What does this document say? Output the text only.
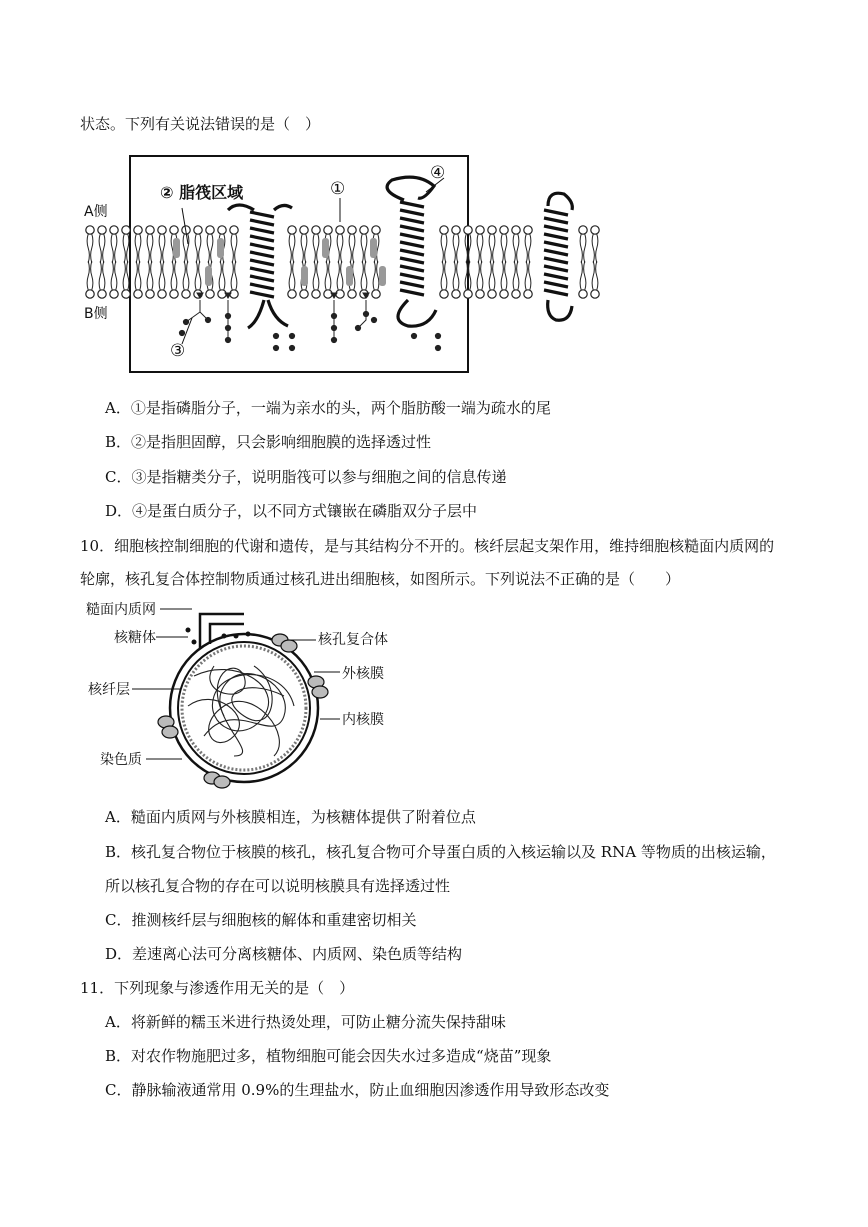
状态。下列有关说法错误的是（　）
A侧
B侧
② 脂筏区域	①
③
④
A．①是指磷脂分子，一端为亲水的头，两个脂肪酸一端为疏水的尾
B．②是指胆固醇，只会影响细胞膜的选择透过性
C．③是指糖类分子，说明脂筏可以参与细胞之间的信息传递
D．④是蛋白质分子，以不同方式镶嵌在磷脂双分子层中
10．细胞核控制细胞的代谢和遗传，是与其结构分不开的。核纤层起支架作用，维持细胞核糙面内质网的
轮廓，核孔复合体控制物质通过核孔进出细胞核，如图所示。下列说法不正确的是（　　）
糙面内质网
核糖体
核纤层
染色质
核孔复合体
外核膜
内核膜
A．糙面内质网与外核膜相连，为核糖体提供了附着位点
B．核孔复合物位于核膜的核孔，核孔复合物可介导蛋白质的入核运输以及 RNA 等物质的出核运输，
所以核孔复合物的存在可以说明核膜具有选择透过性
C．推测核纤层与细胞核的解体和重建密切相关
D．差速离心法可分离核糖体、内质网、染色质等结构
11．下列现象与渗透作用无关的是（　）
A．将新鲜的糯玉米进行热烫处理，可防止糖分流失保持甜味
B．对农作物施肥过多，植物细胞可能会因失水过多造成“烧苗”现象
C．静脉输液通常用 0.9%的生理盐水，防止血细胞因渗透作用导致形态改变
